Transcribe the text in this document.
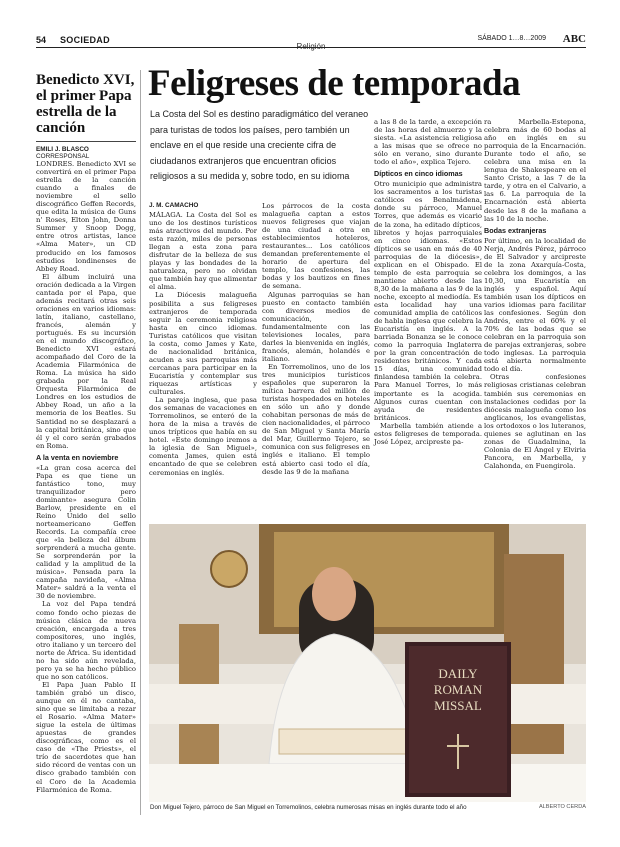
54 SOCIEDAD
Religión
SÁBADO 1…8…2009 ABC
Benedicto XVI, el primer Papa estrella de la canción
EMILI J. BLASCO CORRESPONSAL

LONDRES. Benedicto XVI se convertirá en el primer Papa estrella de la canción cuando a finales de noviembre el sello discográfico Geffen Records, que edita la música de Guns n' Roses, Elton John, Donna Summer y Snoop Dogg, entre otros artistas, lance «Alma Mater», un CD producido en los famosos estudios londinenses de Abbey Road.

El álbum incluirá una oración dedicada a la Virgen cantada por el Papa, que además recitará otras seis oraciones en varios idiomas: latín, italiano, castellano, francés, alemán y portugués. Es su incursión en el mundo discográfico, Benedicto XVI estará acompañado del Coro de la Academia Filarmónica de Roma. La música ha sido grabada por la Real Orquesta Filarmónica de Londres en los estudios de Abbey Road, un año a la memoria de los Beatles. Su Santidad no se desplazará a la capital británica, sino que él y el coro serán grabados en Roma.

A la venta en noviembre

«La gran cosa acerca del Papa es que tiene un fantástico tono, muy tranquilizador pero dominante» asegura Colin Barlow, presidente en el Reino Unido del sello norteamericano Geffen Records. La compañía cree que «la belleza del álbum sorprenderá a mucha gente. Se sorprenderán por la calidad y la amplitud de la música». Pensada para la campaña navideña, «Alma Mater» saldrá a la venta el 30 de noviembre.

La voz del Papa tendrá como fondo ocho piezas de música clásica de nueva creación, encargada a tres compositores, uno inglés, otro italiano y un tercero del norte de África. Su identidad no ha sido aún revelada, pero ya se ha hecho público que no son católicos.

El Papa Juan Pablo II también grabó un disco, aunque en él no cantaba, sino que se limitaba a rezar el Rosario. «Alma Mater» sigue la estela de últimas apuestas de grandes discográficas, como es el caso de «The Priests», el trío de sacerdotes que han sido récord de ventas con un disco grabado también con el Coro de la Academia Filarmónica de Roma.

Feligreses de temporada

La Costa del Sol es destino paradigmático del veraneo para turistas de todos los países, pero también un enclave en el que reside una creciente cifra de ciudadanos extranjeros que encuentran oficios religiosos a su medida y, sobre todo, en su idioma

J. M. CAMACHO

MÁLAGA. La Costa del Sol es uno de los destinos turísticos más atractivos del mundo. Por esta razón, miles de personas llegan a esta zona para disfrutar de la belleza de sus playas y las bondades de la naturaleza, pero no olvidan que también hay que alimentar el alma.

La Diócesis malagueña posibilita a sus feligreses extranjeros de temporada seguir la ceremonia religiosa hasta en cinco idiomas. Turistas católicos que visitan la costa, como James y Kate, de nacionalidad británica, acuden a sus parroquias más cercanas para participar en la Eucaristía y contemplar sus riquezas artísticas y culturales.

La pareja inglesa, que pasa dos semanas de vacaciones en Torremolinos, se enteró de la hora de la misa a través de unos trípticos que había en su hotel. «Este domingo iremos a la iglesia de San Miguel», comenta James, quien está encantado de que se celebren ceremonias en inglés.

Los párrocos de la costa malagueña captan a estos nuevos feligreses que viajan de una ciudad a otra en establecimientos hoteleros, restaurantes... Los católicos demandan preferentemente el horario de apertura del templo, las confesiones, las bodas y los bautizos en fines de semana.

Algunas parroquias se han puesto en contacto también con diversos medios de comunicación, fundamentalmente con las televisiones locales, para darles la bienvenida en inglés, francés, alemán, holandés e italiano.

En Torremolinos, uno de los tres municipios turísticos españoles que superaron la mítica barrera del millón de turistas hospedados en hoteles en sólo un año y donde cohabitan personas de más de cien nacionalidades, el párroco de San Miguel y Santa María del Mar, Guillermo Tejero, se comunica con sus feligreses en inglés e italiano. El templo está abierto casi todo el día, desde las 9 de la mañana

a las 8 de la tarde, a excepción de las horas del almuerzo y la siesta. «La asistencia religiosa a las misas que se ofrece no sólo en verano, sino durante todo el año», explica Tejero.

Dípticos en cinco idiomas

Otro municipio que administra los sacramentos a los turistas católicos es Benalmádena, donde su párroco, Manuel Torres, que además es vicario de la zona, ha editado dípticos, libretos y hojas parroquiales en cinco idiomas. «Estos dípticos se usan en más de 40 parroquias de la diócesis», explican en el Obispado. El templo de esta parroquia se mantiene abierto desde las 8,30 de la mañana a las 9 de la noche, excepto al mediodía. Es esta localidad hay una comunidad amplia de católicos de habla inglesa que celebra la Eucaristía en inglés. A la barriada Bonanza se le conoce como la parroquia Inglaterra por la gran concentración de residentes británicos. Y cada 15 días, una comunidad finlandesa también la celebra. Para Manuel Torres, lo más importante es la acogida. Algunos curas cuentan con ayuda de residentes británicos.

Marbella también atiende a estos feligreses de temporada. José López, arcipreste pa-

ra Marbella-Estepona, celebra más de 60 bodas al año en inglés en su parroquia de la Encarnación. Durante todo el año, se celebra una misa en la lengua de Shakespeare en el Santo Cristo, a las 7 de la tarde, y otra en el Calvario, a las 6. La parroquia de la Encarnación está abierta desde las 8 de la mañana a las 10 de la noche.

Bodas extranjeras

Por último, en la localidad de Nerja, Andrés Pérez, párroco de El Salvador y arcipreste de la zona Axarquía-Costa, celebra los domingos, a las 10,30, una Eucaristía en inglés y español. Aquí también usan los dípticos en varios idiomas para facilitar las confesiones. Según don Andrés, entre el 60% y el 70% de las bodas que se celebran en la parroquia son de parejas extranjeras, sobre todo inglesas. La parroquia está abierta normalmente todo el día.

Otras confesiones religiosas cristianas celebran también sus ceremonias en instalaciones cedidas por la diócesis malagueña como los anglicanos, los evangelistas, los ortodoxos o los luteranos, quienes se aglutinan en las zonas de Guadalmina, la Colonia de El Ángel y Elviria Pancora, en Marbella, y Calahonda, en Fuengirola.

DAILY
ROMAN
MISSAL
Don Miguel Tejero, párroco de San Miguel en Torremolinos, celebra numerosas misas en inglés durante todo el año	ALBERTO CERDA
